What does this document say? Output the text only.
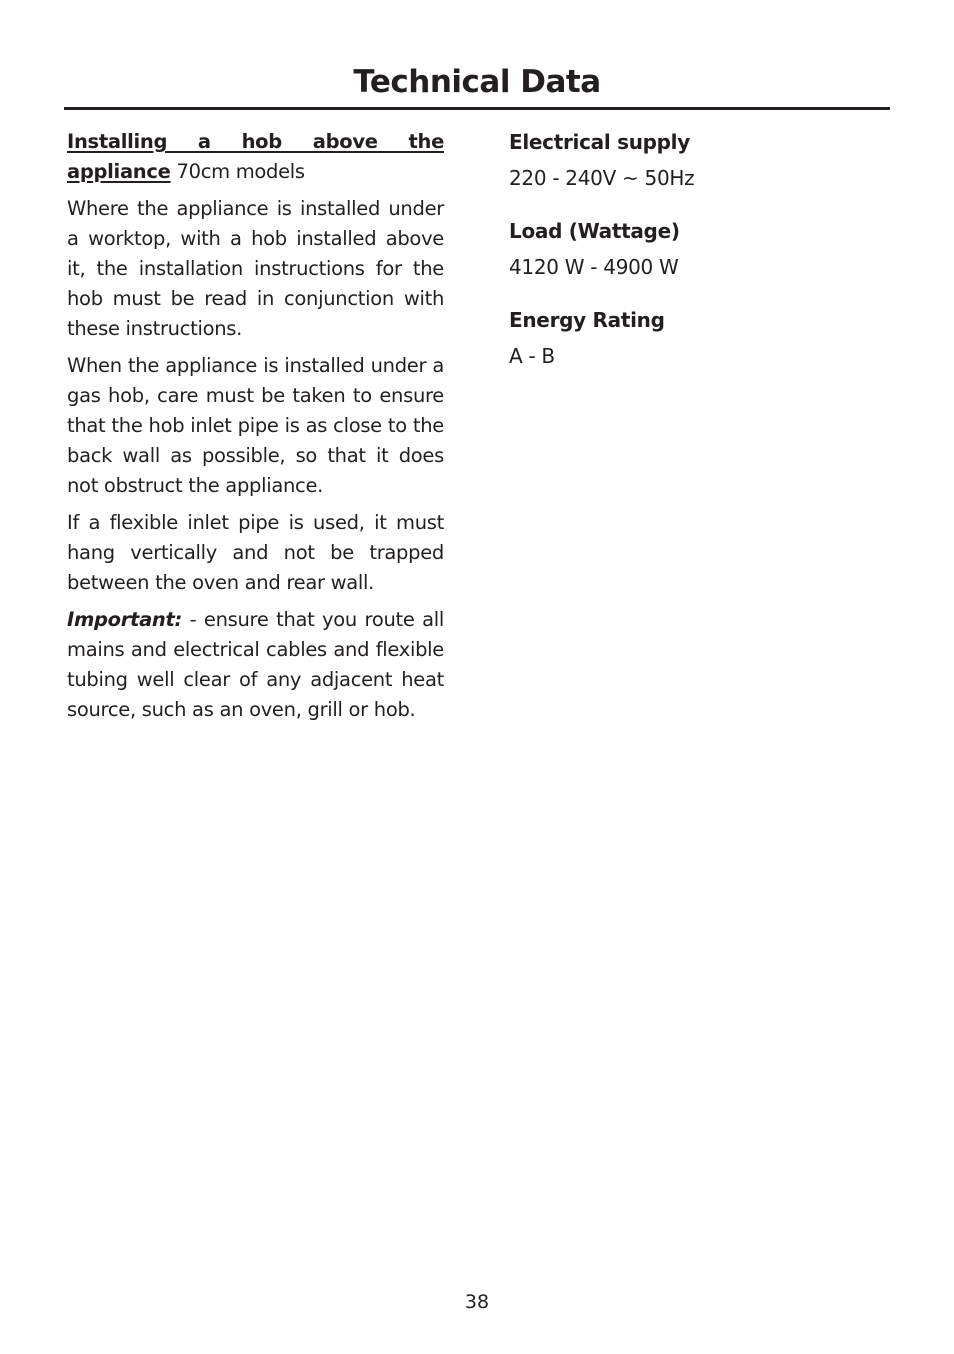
Technical Data

Installing a hob above the appliance 70cm models

Where the appliance is installed under a worktop, with a hob installed above it, the installation instructions for the hob must be read in conjunction with these instructions.

When the appliance is installed under a gas hob, care must be taken to ensure that the hob inlet pipe is as close to the back wall as possible, so that it does not obstruct the appliance.

If a flexible inlet pipe is used, it must hang vertically and not be trapped between the oven and rear wall.

Important: - ensure that you route all mains and electrical cables and flexible tubing well clear of any adjacent heat source, such as an oven, grill or hob.

Electrical supply

220 - 240V ~ 50Hz

Load (Wattage)

4120 W - 4900 W

Energy Rating

A - B

38
